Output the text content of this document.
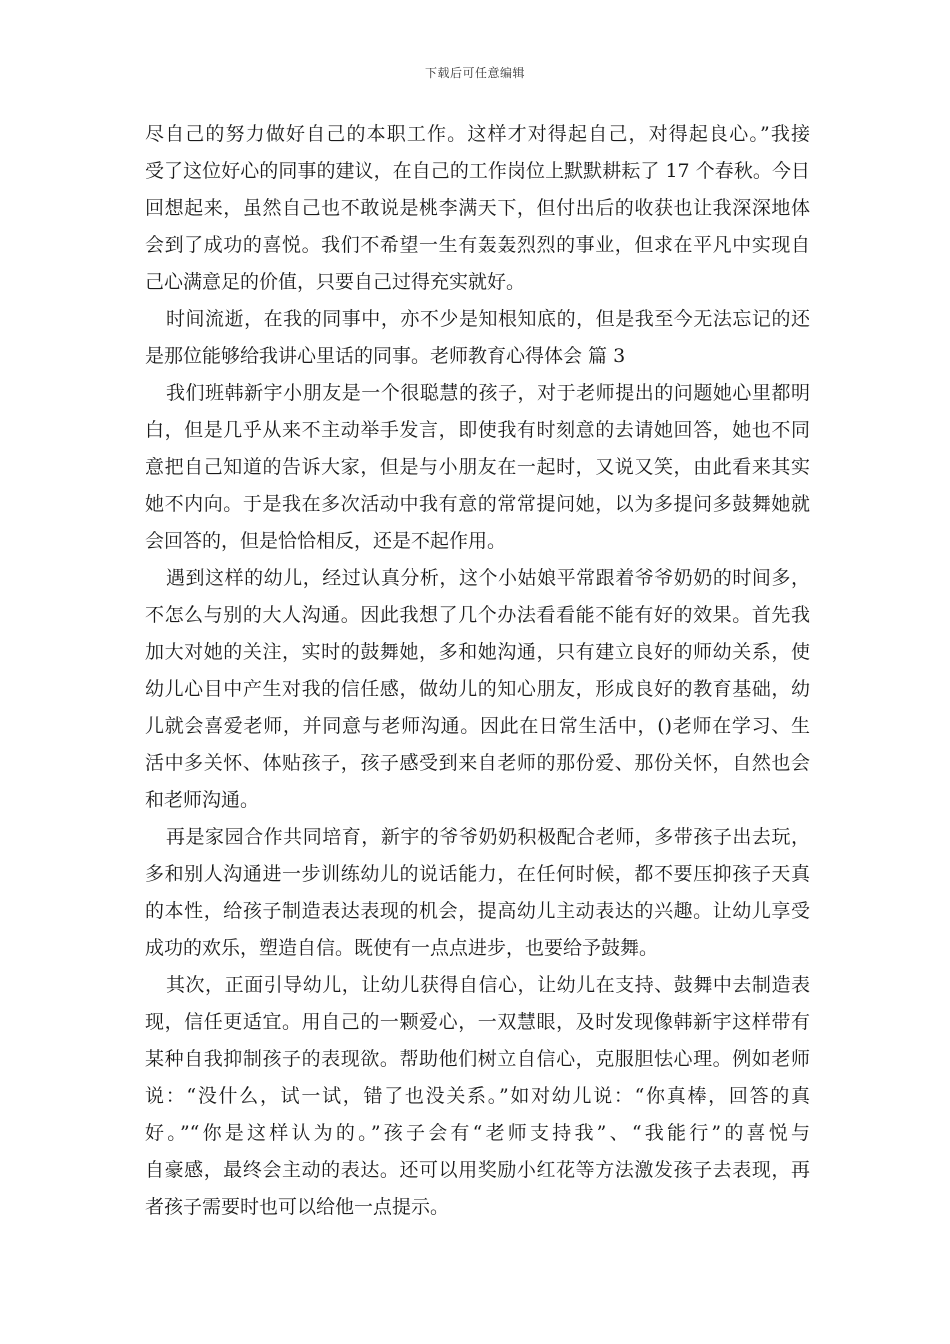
下载后可任意编辑
尽自己的努力做好自己的本职工作。这样才对得起自己，对得起良心。”我接
受了这位好心的同事的建议，在自己的工作岗位上默默耕耘了 17 个春秋。今日
回想起来，虽然自己也不敢说是桃李满天下，但付出后的收获也让我深深地体
会到了成功的喜悦。我们不希望一生有轰轰烈烈的事业，但求在平凡中实现自
己心满意足的价值，只要自己过得充实就好。
时间流逝，在我的同事中，亦不少是知根知底的，但是我至今无法忘记的还
是那位能够给我讲心里话的同事。老师教育心得体会 篇 3
我们班韩新宇小朋友是一个很聪慧的孩子，对于老师提出的问题她心里都明
白，但是几乎从来不主动举手发言，即使我有时刻意的去请她回答，她也不同
意把自己知道的告诉大家，但是与小朋友在一起时，又说又笑，由此看来其实
她不内向。于是我在多次活动中我有意的常常提问她，以为多提问多鼓舞她就
会回答的，但是恰恰相反，还是不起作用。
遇到这样的幼儿，经过认真分析，这个小姑娘平常跟着爷爷奶奶的时间多，
不怎么与别的大人沟通。因此我想了几个办法看看能不能有好的效果。首先我
加大对她的关注，实时的鼓舞她，多和她沟通，只有建立良好的师幼关系，使
幼儿心目中产生对我的信任感，做幼儿的知心朋友，形成良好的教育基础，幼
儿就会喜爱老师，并同意与老师沟通。因此在日常生活中，()老师在学习、生
活中多关怀、体贴孩子，孩子感受到来自老师的那份爱、那份关怀，自然也会
和老师沟通。
再是家园合作共同培育，新宇的爷爷奶奶积极配合老师，多带孩子出去玩，
多和别人沟通进一步训练幼儿的说话能力，在任何时候，都不要压抑孩子天真
的本性，给孩子制造表达表现的机会，提高幼儿主动表达的兴趣。让幼儿享受
成功的欢乐，塑造自信。既使有一点点进步，也要给予鼓舞。
其次，正面引导幼儿，让幼儿获得自信心，让幼儿在支持、鼓舞中去制造表
现，信任更适宜。用自己的一颗爱心，一双慧眼，及时发现像韩新宇这样带有
某种自我抑制孩子的表现欲。帮助他们树立自信心，克服胆怯心理。例如老师
说：“没什么，试一试，错了也没关系。”如对幼儿说：“你真棒，回答的真
好。”“你是这样认为的。”孩子会有“老师支持我”、“我能行”的喜悦与
自豪感，最终会主动的表达。还可以用奖励小红花等方法激发孩子去表现，再
者孩子需要时也可以给他一点提示。
